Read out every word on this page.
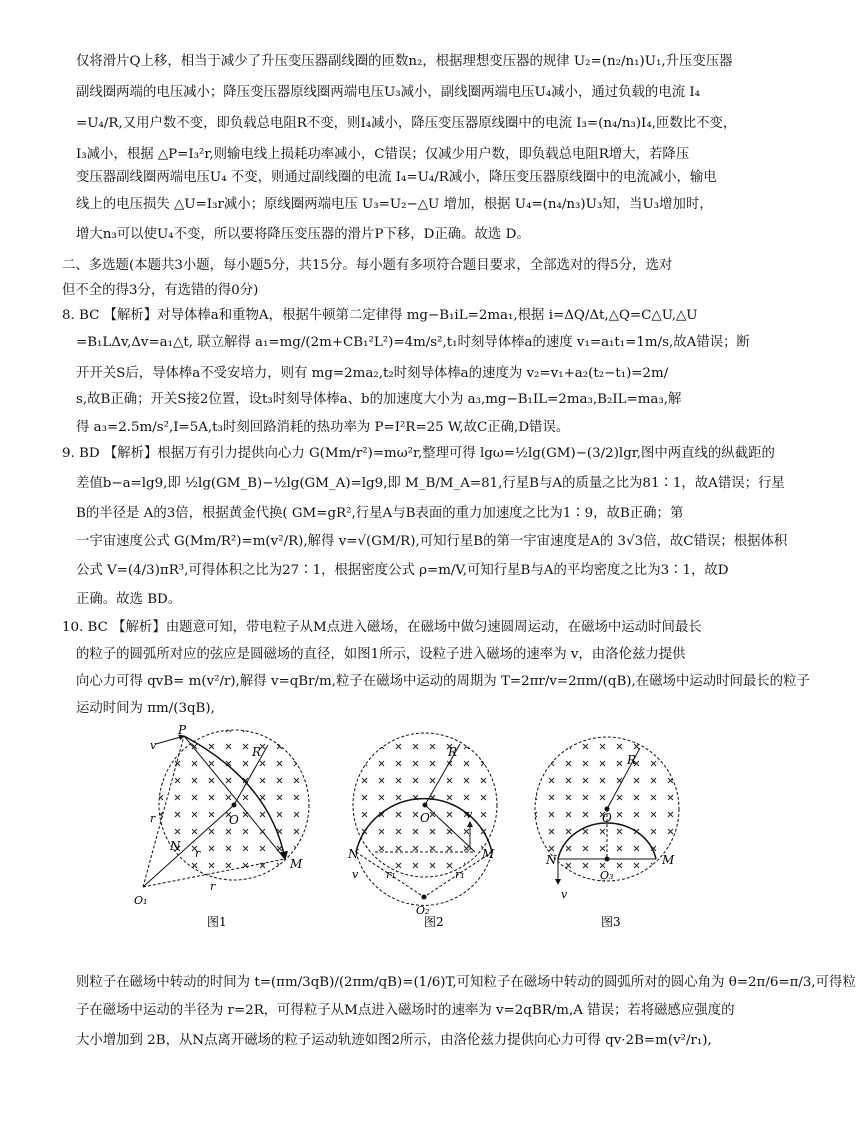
仅将滑片Q上移，相当于减少了升压变压器副线圈的匝数n₂，根据理想变压器的规律 U₂=(n₂/n₁)U₁,升压变压器
副线圈两端的电压减小；降压变压器原线圈两端电压U₃减小，副线圈两端电压U₄减小，通过负载的电流 I₄
=U₄/R,又用户数不变，即负载总电阻R不变，则I₄减小，降压变压器原线圈中的电流 I₃=(n₄/n₃)I₄,匝数比不变，
I₃减小，根据 △P=I₃²r,则输电线上损耗功率减小，C错误；仅减少用户数，即负载总电阻R增大，若降压
变压器副线圈两端电压U₄ 不变，则通过副线圈的电流 I₄=U₄/R减小，降压变压器原线圈中的电流减小，输电
线上的电压损失 △U=I₃r减小；原线圈两端电压 U₃=U₂−△U 增加，根据 U₄=(n₄/n₃)U₃知，当U₃增加时，
增大n₃可以使U₄不变，所以要将降压变压器的滑片P下移，D正确。故选 D。
二、多选题(本题共3小题，每小题5分，共15分。每小题有多项符合题目要求，全部选对的得5分，选对
但不全的得3分，有选错的得0分)
8. BC 【解析】对导体棒a和重物A，根据牛顿第二定律得 mg−B₁iL=2ma₁,根据 i=ΔQ/Δt,△Q=C△U,△U
=B₁LΔv,Δv=a₁△t, 联立解得 a₁=mg/(2m+CB₁²L²)=4m/s²,t₁时刻导体棒a的速度 v₁=a₁t₁=1m/s,故A错误；断
开开关S后，导体棒a不受安培力，则有 mg=2ma₂,t₂时刻导体棒a的速度为 v₂=v₁+a₂(t₂−t₁)=2m/
s,故B正确；开关S接2位置，设t₃时刻导体棒a、b的加速度大小为 a₃,mg−B₁IL=2ma₃,B₂IL=ma₃,解
得 a₃=2.5m/s²,I=5A,t₃时刻回路消耗的热功率为 P=I²R=25 W,故C正确,D错误。
9. BD 【解析】根据万有引力提供向心力 G(Mm/r²)=mω²r,整理可得 lgω=½lg(GM)−(3/2)lgr,图中两直线的纵截距的
差值b−a=lg9,即 ½lg(GM_B)−½lg(GM_A)=lg9,即 M_B/M_A=81,行星B与A的质量之比为81∶1，故A错误；行星
B的半径是 A的3倍，根据黄金代换( GM=gR²,行星A与B表面的重力加速度之比为1∶9，故B正确；第
一宇宙速度公式 G(Mm/R²)=m(v²/R),解得 v=√(GM/R),可知行星B的第一宇宙速度是A的 3√3倍，故C错误；根据体积
公式 V=(4/3)πR³,可得体积之比为27∶1，根据密度公式 ρ=m/V,可知行星B与A的平均密度之比为3∶1，故D
正确。故选 BD。
10. BC 【解析】由题意可知，带电粒子从M点进入磁场，在磁场中做匀速圆周运动，在磁场中运动时间最长
的粒子的圆弧所对应的弦应是圆磁场的直径，如图1所示，设粒子进入磁场的速率为 v，由洛伦兹力提供
向心力可得 qvB= m(v²/r),解得 v=qBr/m,粒子在磁场中运动的周期为 T=2πr/v=2πm/(qB),在磁场中运动时间最长的粒子
运动时间为 πm/(3qB),
P
v	R
O
N
M
r
r
r
O₁
R
O	v
N	M
v	r₁	r₁
O₂
R
O
N	M
v
O₃
图1	图2	图3
则粒子在磁场中转动的时间为 t=(πm/3qB)/(2πm/qB)=(1/6)T,可知粒子在磁场中转动的圆弧所对的圆心角为 θ=2π/6=π/3,可得粒
子在磁场中运动的半径为 r=2R，可得粒子从M点进入磁场时的速率为 v=2qBR/m,A 错误；若将磁感应强度的
大小增加到 2B，从N点离开磁场的粒子运动轨迹如图2所示，由洛伦兹力提供向心力可得 qv·2B=m(v²/r₁),
